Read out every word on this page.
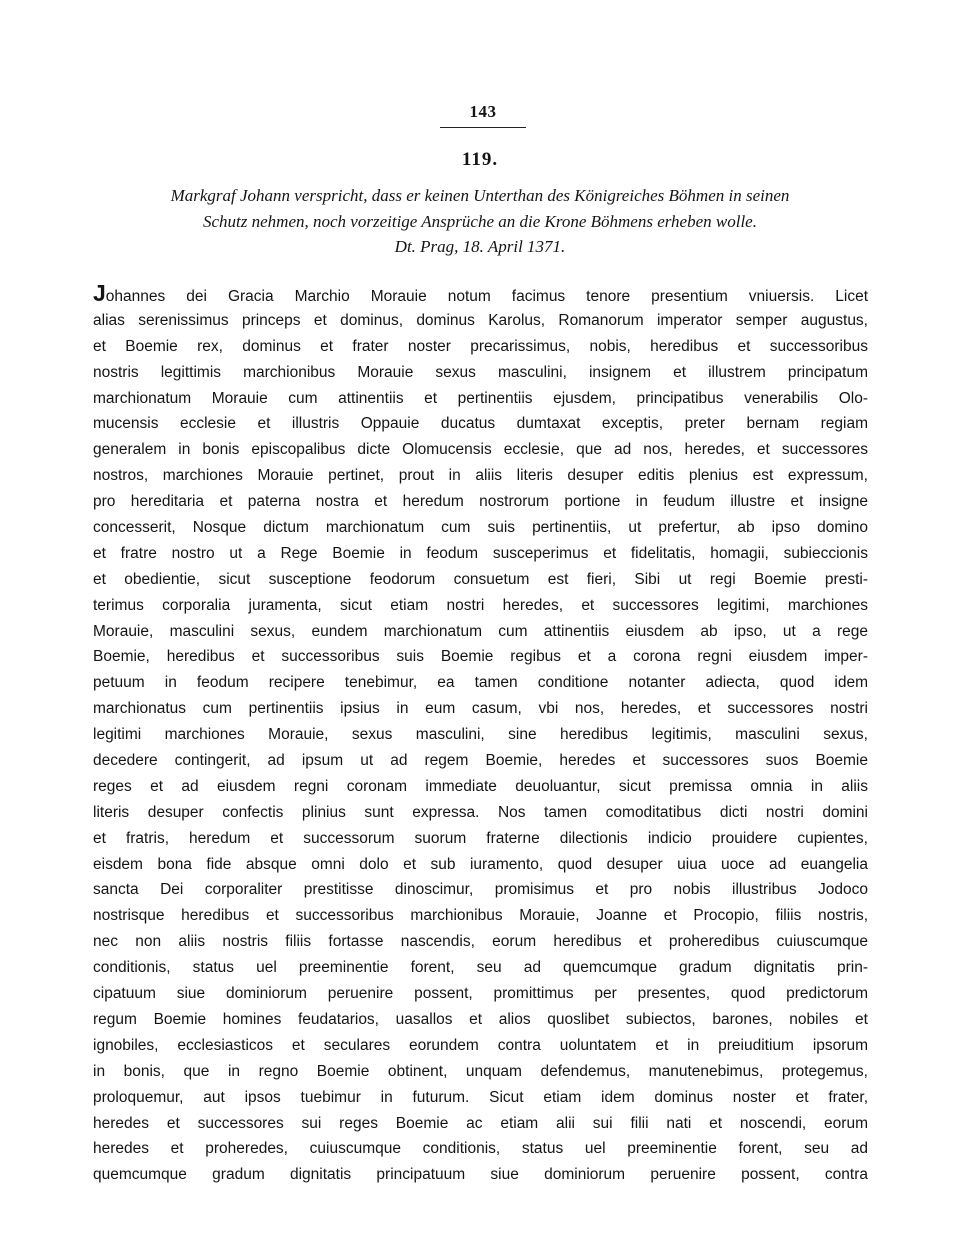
143
119.
Markgraf Johann verspricht, dass er keinen Unterthan des Königreiches Böhmen in seinen
Schutz nehmen, noch vorzeitige Ansprüche an die Krone Böhmens erheben wolle.
Dt. Prag, 18. April 1371.
Johannes dei Gracia Marchio Morauie notum facimus tenore presentium vniuersis. Licet
alias serenissimus princeps et dominus, dominus Karolus, Romanorum imperator semper augustus,
et Boemie rex, dominus et frater noster precarissimus, nobis, heredibus et successoribus
nostris legittimis marchionibus Morauie sexus masculini, insignem et illustrem principatum
marchionatum Morauie cum attinentiis et pertinentiis ejusdem, principatibus venerabilis Olo-
mucensis ecclesie et illustris Oppauie ducatus dumtaxat exceptis, preter bernam regiam
generalem in bonis episcopalibus dicte Olomucensis ecclesie, que ad nos, heredes, et successores
nostros, marchiones Morauie pertinet, prout in aliis literis desuper editis plenius est expressum,
pro hereditaria et paterna nostra et heredum nostrorum portione in feudum illustre et insigne
concesserit, Nosque dictum marchionatum cum suis pertinentiis, ut prefertur, ab ipso domino
et fratre nostro ut a Rege Boemie in feodum susceperimus et fidelitatis, homagii, subieccionis
et obedientie, sicut susceptione feodorum consuetum est fieri, Sibi ut regi Boemie presti-
terimus corporalia juramenta, sicut etiam nostri heredes, et successores legitimi, marchiones
Morauie, masculini sexus, eundem marchionatum cum attinentiis eiusdem ab ipso, ut a rege
Boemie, heredibus et successoribus suis Boemie regibus et a corona regni eiusdem imper-
petuum in feodum recipere tenebimur, ea tamen conditione notanter adiecta, quod idem
marchionatus cum pertinentiis ipsius in eum casum, vbi nos, heredes, et successores nostri
legitimi marchiones Morauie, sexus masculini, sine heredibus legitimis, masculini sexus,
decedere contingerit, ad ipsum ut ad regem Boemie, heredes et successores suos Boemie
reges et ad eiusdem regni coronam immediate deuoluantur, sicut premissa omnia in aliis
literis desuper confectis plinius sunt expressa. Nos tamen comoditatibus dicti nostri domini
et fratris, heredum et successorum suorum fraterne dilectionis indicio prouidere cupientes,
eisdem bona fide absque omni dolo et sub iuramento, quod desuper uiua uoce ad euangelia
sancta Dei corporaliter prestitisse dinoscimur, promisimus et pro nobis illustribus Jodoco
nostrisque heredibus et successoribus marchionibus Morauie, Joanne et Procopio, filiis nostris,
nec non aliis nostris filiis fortasse nascendis, eorum heredibus et proheredibus cuiuscumque
conditionis, status uel preeminentie forent, seu ad quemcumque gradum dignitatis prin-
cipatuum siue dominiorum peruenire possent, promittimus per presentes, quod predictorum
regum Boemie homines feudatarios, uasallos et alios quoslibet subiectos, barones, nobiles et
ignobiles, ecclesiasticos et seculares eorundem contra uoluntatem et in preiuditium ipsorum
in bonis, que in regno Boemie obtinent, unquam defendemus, manutenebimus, protegemus,
proloquemur, aut ipsos tuebimur in futurum. Sicut etiam idem dominus noster et frater,
heredes et successores sui reges Boemie ac etiam alii sui filii nati et noscendi, eorum
heredes et proheredes, cuiuscumque conditionis, status uel preeminentie forent, seu ad
quemcumque gradum dignitatis principatuum siue dominiorum peruenire possent, contra
